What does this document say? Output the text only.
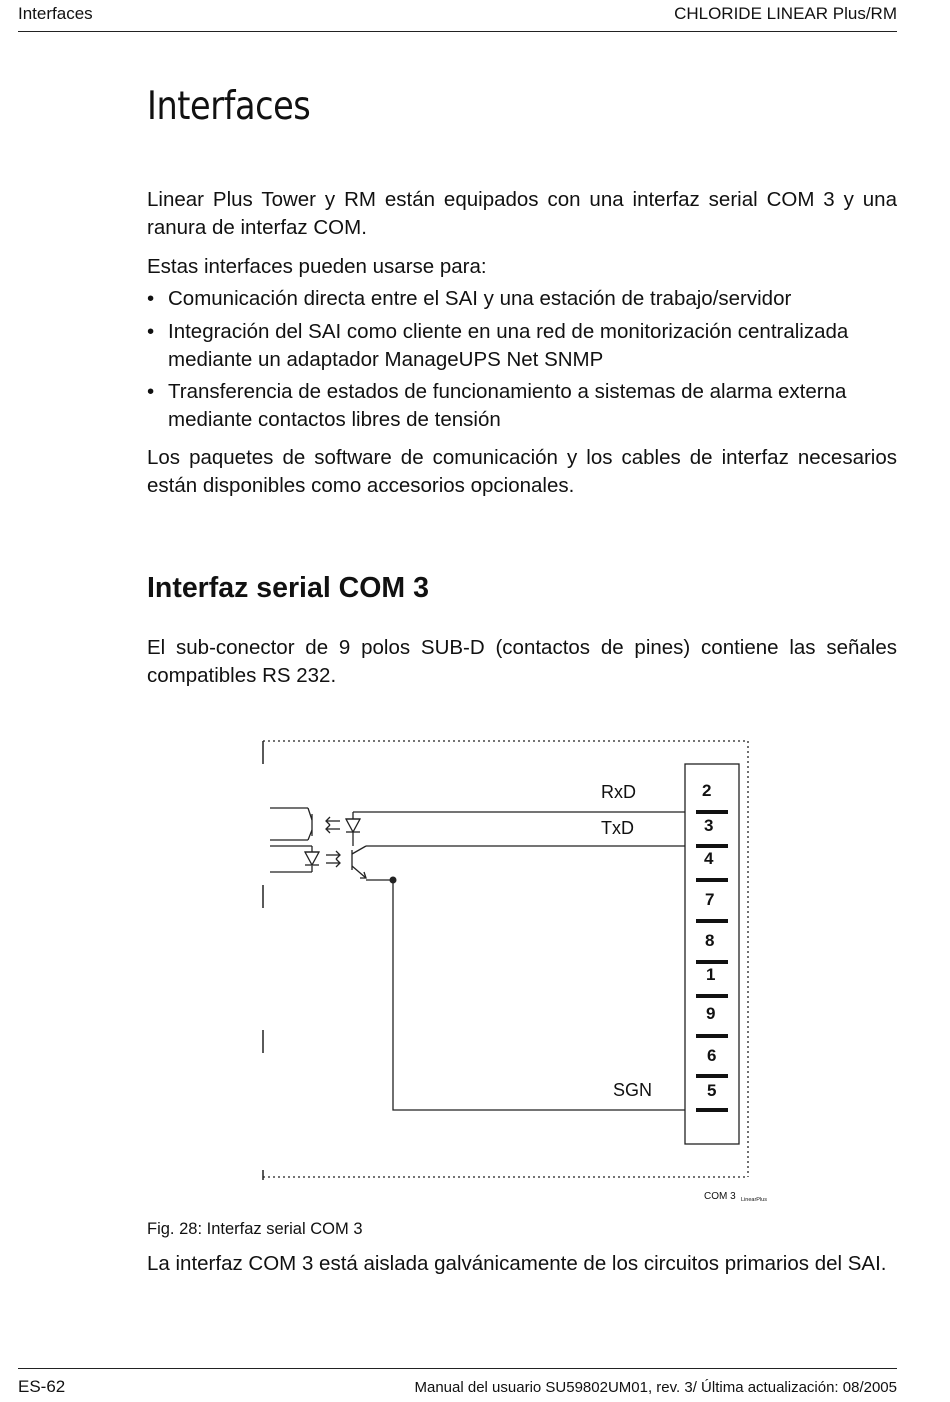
Interfaces	CHLORIDE LINEAR Plus/RM
Interfaces

Linear Plus Tower y RM están equipados con una interfaz serial COM 3 y una ranura de interfaz COM.

Estas interfaces pueden usarse para:

• Comunicación directa entre el SAI y una estación de trabajo/servidor
• Integración del SAI como cliente en una red de monitorización centralizada mediante un adaptador ManageUPS Net SNMP
• Transferencia de estados de funcionamiento a sistemas de alarma externa mediante contactos libres de tensión

Los paquetes de software de comunicación y los cables de interfaz necesarios están disponibles como accesorios opcionales.

Interfaz serial COM 3

El sub-conector de 9 polos SUB-D (contactos de pines) contiene las señales compatibles RS 232.

2
3
4
7
8
1
9
6
5
RxD
TxD
SGN
COM 3 LinearPlus
Fig. 28: Interfaz serial COM 3

La interfaz COM 3 está aislada galvánicamente de los circuitos primarios del SAI.

ES-62	Manual del usuario SU59802UM01, rev. 3/ Última actualización: 08/2005
